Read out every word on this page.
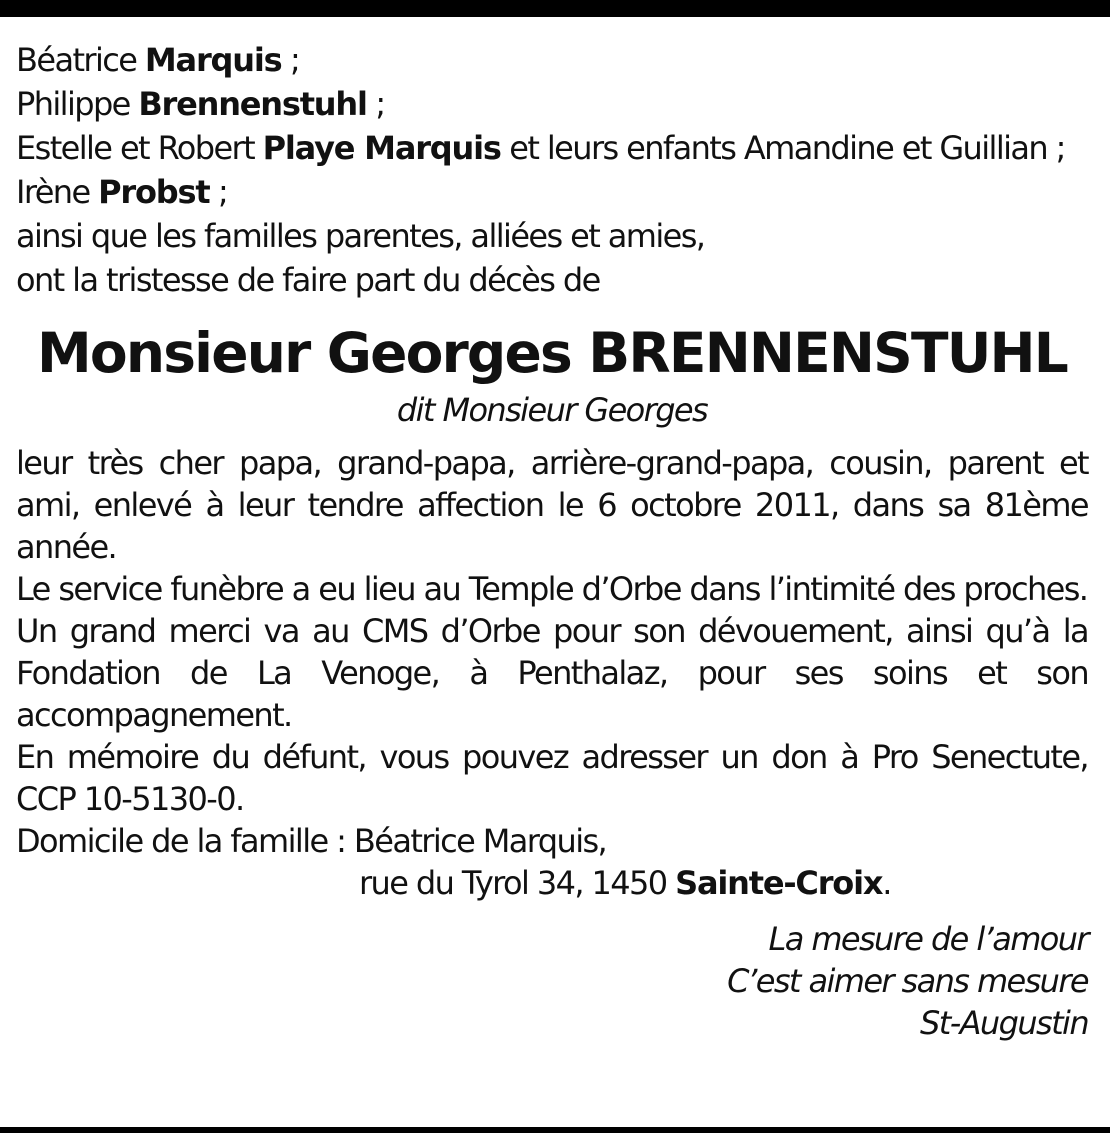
Béatrice Marquis ;
Philippe Brennenstuhl ;
Estelle et Robert Playe Marquis et leurs enfants Amandine et Guillian ;
Irène Probst ;
ainsi que les familles parentes, alliées et amies,
ont la tristesse de faire part du décès de
Monsieur Georges BRENNENSTUHL
dit Monsieur Georges
leur très cher papa, grand-papa, arrière-grand-papa, cousin, parent et ami, enlevé à leur tendre affection le 6 octobre 2011, dans sa 81ème année.
Le service funèbre a eu lieu au Temple d’Orbe dans l’intimité des proches.
Un grand merci va au CMS d’Orbe pour son dévouement, ainsi qu’à la Fondation de La Venoge, à Penthalaz, pour ses soins et son accompagnement.
En mémoire du défunt, vous pouvez adresser un don à Pro Senectute, CCP 10-5130-0.
Domicile de la famille : Béatrice Marquis,
rue du Tyrol 34, 1450 Sainte-Croix.
La mesure de l’amour
C’est aimer sans mesure
St-Augustin
